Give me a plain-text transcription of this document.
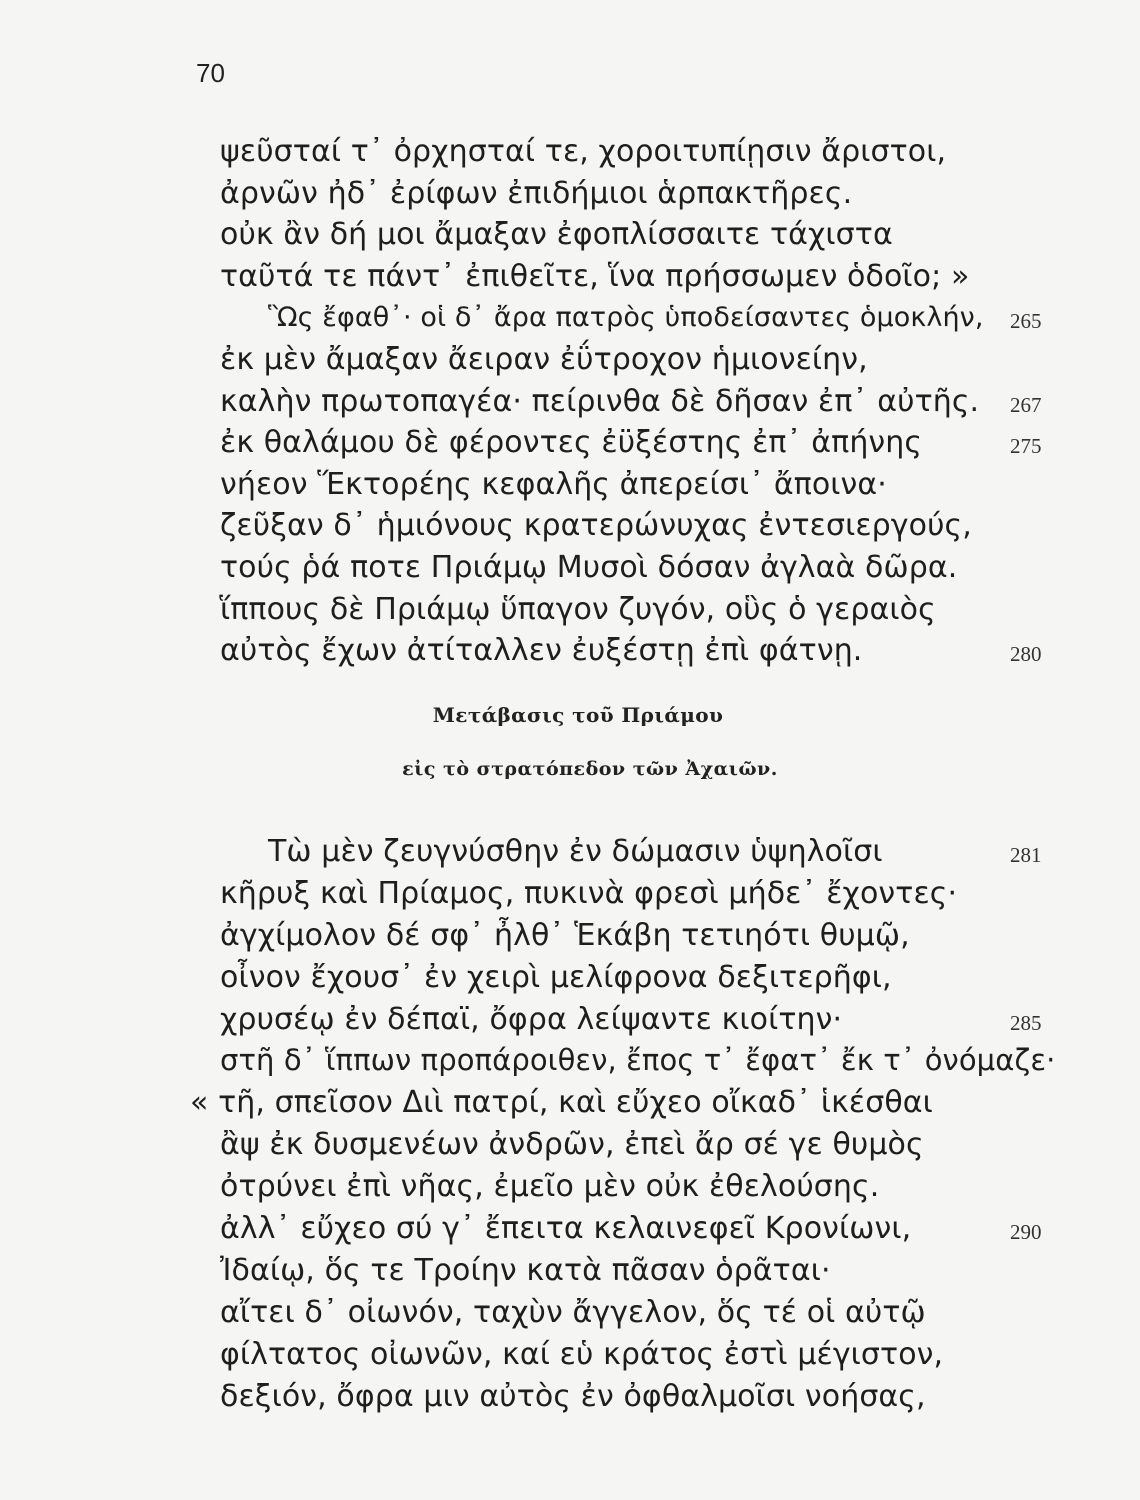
70
ψεῦσταί τ᾽ ὀρχησταί τε, χοροιτυπίῃσιν ἄριστοι,
ἀρνῶν ἠδ᾽ ἐρίφων ἐπιδήμιοι ἁρπακτῆρες.
οὐκ ἂν δή μοι ἄμαξαν ἐφοπλίσσαιτε τάχιστα
ταῦτά τε πάντ᾽ ἐπιθεῖτε, ἵνα πρήσσωμεν ὁδοῖο; »
Ὣς ἔφαθ᾽· οἱ δ᾽ ἄρα πατρὸς ὑποδείσαντες ὁμοκλήν, 265
ἐκ μὲν ἄμαξαν ἄειραν ἐΰτροχον ἡμιονείην,
καλὴν πρωτοπαγέα· πείρινθα δὲ δῆσαν ἐπ᾽ αὐτῆς. 267
ἐκ θαλάμου δὲ φέροντες ἐϋξέστης ἐπ᾽ ἀπήνης	275
νήεον Ἕκτορέης κεφαλῆς ἀπερείσι᾽ ἄποινα·
ζεῦξαν δ᾽ ἡμιόνους κρατερώνυχας ἐντεσιεργούς,
τούς ῥά ποτε Πριάμῳ Μυσοὶ δόσαν ἀγλαὰ δῶρα.
ἵππους δὲ Πριάμῳ ὕπαγον ζυγόν, οὓς ὁ γεραιὸς
αὐτὸς ἔχων ἀτίταλλεν ἐυξέστῃ ἐπὶ φάτνῃ.	280
Μετάβασις τοῦ Πριάμου
εἰς τὸ στρατόπεδον τῶν Ἀχαιῶν.
Τὼ μὲν ζευγνύσθην ἐν δώμασιν ὑψηλοῖσι	281
κῆρυξ καὶ Πρίαμος, πυκινὰ φρεσὶ μήδε᾽ ἔχοντες·
ἀγχίμολον δέ σφ᾽ ἦλθ᾽ Ἑκάβη τετιηότι θυμῷ,
οἶνον ἔχουσ᾽ ἐν χειρὶ μελίφρονα δεξιτερῆφι,
χρυσέῳ ἐν δέπαϊ, ὄφρα λείψαντε κιοίτην·	285
στῆ δ᾽ ἵππων προπάροιθεν, ἔπος τ᾽ ἔφατ᾽ ἔκ τ᾽ ὀνόμαζε·
« τῆ, σπεῖσον Διὶ πατρί, καὶ εὔχεο οἴκαδ᾽ ἱκέσθαι
ἂψ ἐκ δυσμενέων ἀνδρῶν, ἐπεὶ ἄρ σέ γε θυμὸς
ὀτρύνει ἐπὶ νῆας, ἐμεῖο μὲν οὐκ ἐθελούσης.
ἀλλ᾽ εὔχεο σύ γ᾽ ἔπειτα κελαινεφεῖ Κρονίωνι,	290
Ἰδαίῳ, ὅς τε Τροίην κατὰ πᾶσαν ὁρᾶται·
αἴτει δ᾽ οἰωνόν, ταχὺν ἄγγελον, ὅς τέ οἱ αὐτῷ
φίλτατος οἰωνῶν, καί εὑ κράτος ἐστὶ μέγιστον,
δεξιόν, ὄφρα μιν αὐτὸς ἐν ὀφθαλμοῖσι νοήσας,
